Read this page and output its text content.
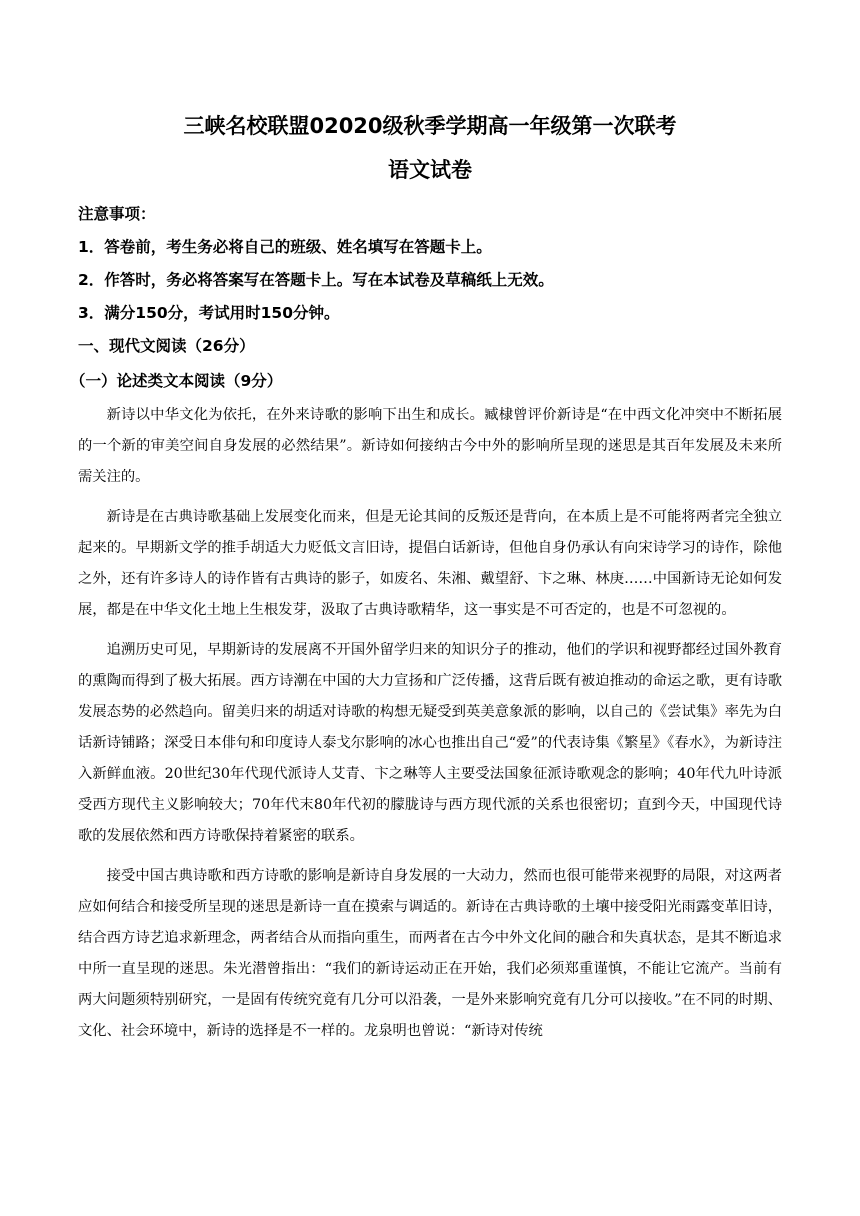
三峡名校联盟02020级秋季学期高一年级第一次联考
语文试卷
注意事项：
1．答卷前，考生务必将自己的班级、姓名填写在答题卡上。
2．作答时，务必将答案写在答题卡上。写在本试卷及草稿纸上无效。
3．满分150分，考试用时150分钟。
一、现代文阅读（26分）
（一）论述类文本阅读（9分）

新诗以中华文化为依托，在外来诗歌的影响下出生和成长。臧棣曾评价新诗是“在中西文化冲突中不断拓展的一个新的审美空间自身发展的必然结果”。新诗如何接纳古今中外的影响所呈现的迷思是其百年发展及未来所需关注的。

新诗是在古典诗歌基础上发展变化而来，但是无论其间的反叛还是背向，在本质上是不可能将两者完全独立起来的。早期新文学的推手胡适大力贬低文言旧诗，提倡白话新诗，但他自身仍承认有向宋诗学习的诗作，除他之外，还有许多诗人的诗作皆有古典诗的影子，如废名、朱湘、戴望舒、卞之琳、林庚……中国新诗无论如何发展，都是在中华文化土地上生根发芽，汲取了古典诗歌精华，这一事实是不可否定的，也是不可忽视的。

追溯历史可见，早期新诗的发展离不开国外留学归来的知识分子的推动，他们的学识和视野都经过国外教育的熏陶而得到了极大拓展。西方诗潮在中国的大力宣扬和广泛传播，这背后既有被迫推动的命运之歌，更有诗歌发展态势的必然趋向。留美归来的胡适对诗歌的构想无疑受到英美意象派的影响，以自己的《尝试集》率先为白话新诗铺路；深受日本俳句和印度诗人泰戈尔影响的冰心也推出自己“爱”的代表诗集《繁星》《春水》，为新诗注入新鲜血液。20世纪30年代现代派诗人艾青、卞之琳等人主要受法国象征派诗歌观念的影响；40年代九叶诗派受西方现代主义影响较大；70年代末80年代初的朦胧诗与西方现代派的关系也很密切；直到今天，中国现代诗歌的发展依然和西方诗歌保持着紧密的联系。

接受中国古典诗歌和西方诗歌的影响是新诗自身发展的一大动力，然而也很可能带来视野的局限，对这两者应如何结合和接受所呈现的迷思是新诗一直在摸索与调适的。新诗在古典诗歌的土壤中接受阳光雨露变革旧诗，结合西方诗艺追求新理念，两者结合从而指向重生，而两者在古今中外文化间的融合和失真状态，是其不断追求中所一直呈现的迷思。朱光潜曾指出：“我们的新诗运动正在开始，我们必须郑重谨慎，不能让它流产。当前有两大问题须特别研究，一是固有传统究竟有几分可以沿袭，一是外来影响究竟有几分可以接收。”在不同的时期、文化、社会环境中，新诗的选择是不一样的。龙泉明也曾说：“新诗对传统
